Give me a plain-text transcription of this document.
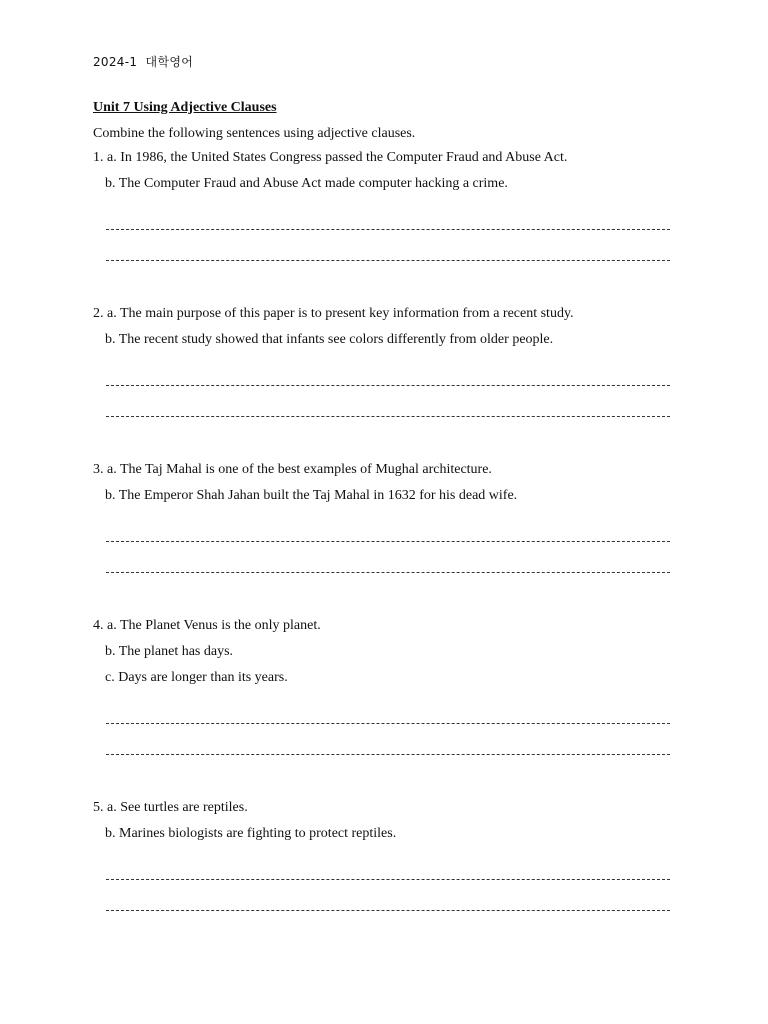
2024-1 대학영어
Unit 7 Using Adjective Clauses
Combine the following sentences using adjective clauses.
1. a. In 1986, the United States Congress passed the Computer Fraud and Abuse Act.
b. The Computer Fraud and Abuse Act made computer hacking a crime.
2. a. The main purpose of this paper is to present key information from a recent study.
b. The recent study showed that infants see colors differently from older people.
3. a. The Taj Mahal is one of the best examples of Mughal architecture.
b. The Emperor Shah Jahan built the Taj Mahal in 1632 for his dead wife.
4. a. The Planet Venus is the only planet.
b. The planet has days.
c. Days are longer than its years.
5. a. See turtles are reptiles.
b. Marines biologists are fighting to protect reptiles.
